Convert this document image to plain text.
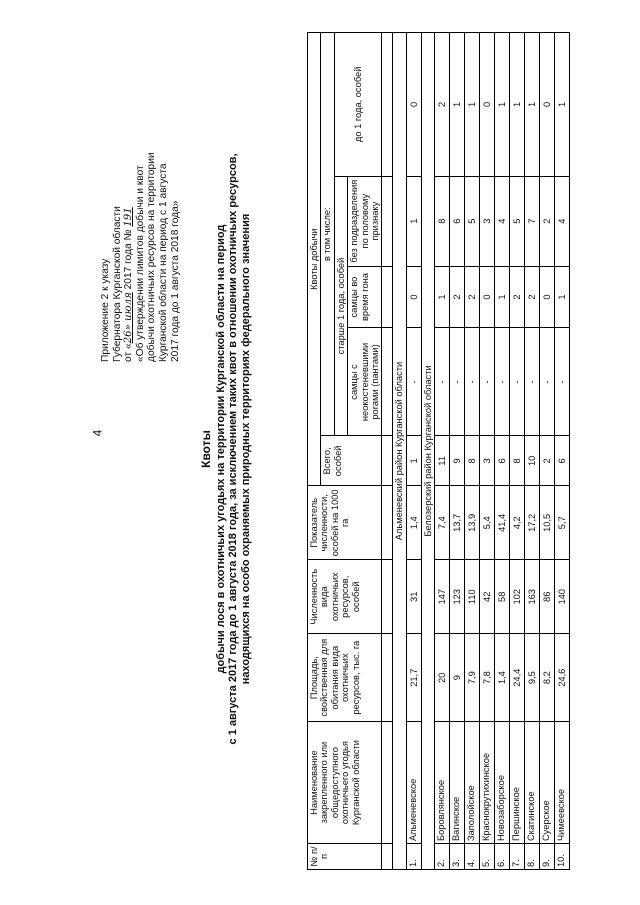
4
Приложение 2 к указу Губернатора Курганской области от «26» июля 2017 года № 191 «Об утверждении лимитов добычи и квот добычи охотничьих ресурсов на территории Курганской области на период с 1 августа 2017 года до 1 августа 2018 года»
Квоты добычи лося в охотничьих угодьях на территории Курганской области на период с 1 августа 2017 года до 1 августа 2018 года, за исключением таких квот в отношении охотничьих ресурсов, находящихся на особо охраняемых природных территориях федерального значения
№ п/п	Наименование закрепленного или общедоступного охотничьего угодья Курганской области	Площадь, свойственная для обитания вида охотничьих ресурсов, тыс. га	Численность вида охотничьих ресурсов, особей	Показатель численности, особей на 1000 га	Квоты добычи				
					Всего, особей	в том числе:			
						старше 1 года, особей			до 1 года, особей
						самцы с неокостеневшими рогами (пантами)	самцы во время гона	без подразделения по половому признаку	

Альменевский район Курганской области									
1.	Альменевское	21,7	31	1,4	1	-	0	1	0
Белозерский район Курганской области									
2.	Боровлянское	20	147	7,4	11	-	1	8	2
3.	Вагинское	9	123	13,7	9	-	2	6	1
4.	Заполойское	7,9	110	13,9	8	-	2	5	1
5.	Краснокрутихинское	7,8	42	5,4	3	-	0	3	0
6.	Новозаборское	1,4	58	41,4	6	-	1	4	1
7.	Першинское	24,4	102	4,2	8	-	2	5	1
8.	Скатинское	9,5	163	17,2	10	-	2	7	1
9.	Суерское	8,2	86	10,5	2	-	0	2	0
10.	Чимеевское	24,6	140	5,7	6	-	1	4	1
